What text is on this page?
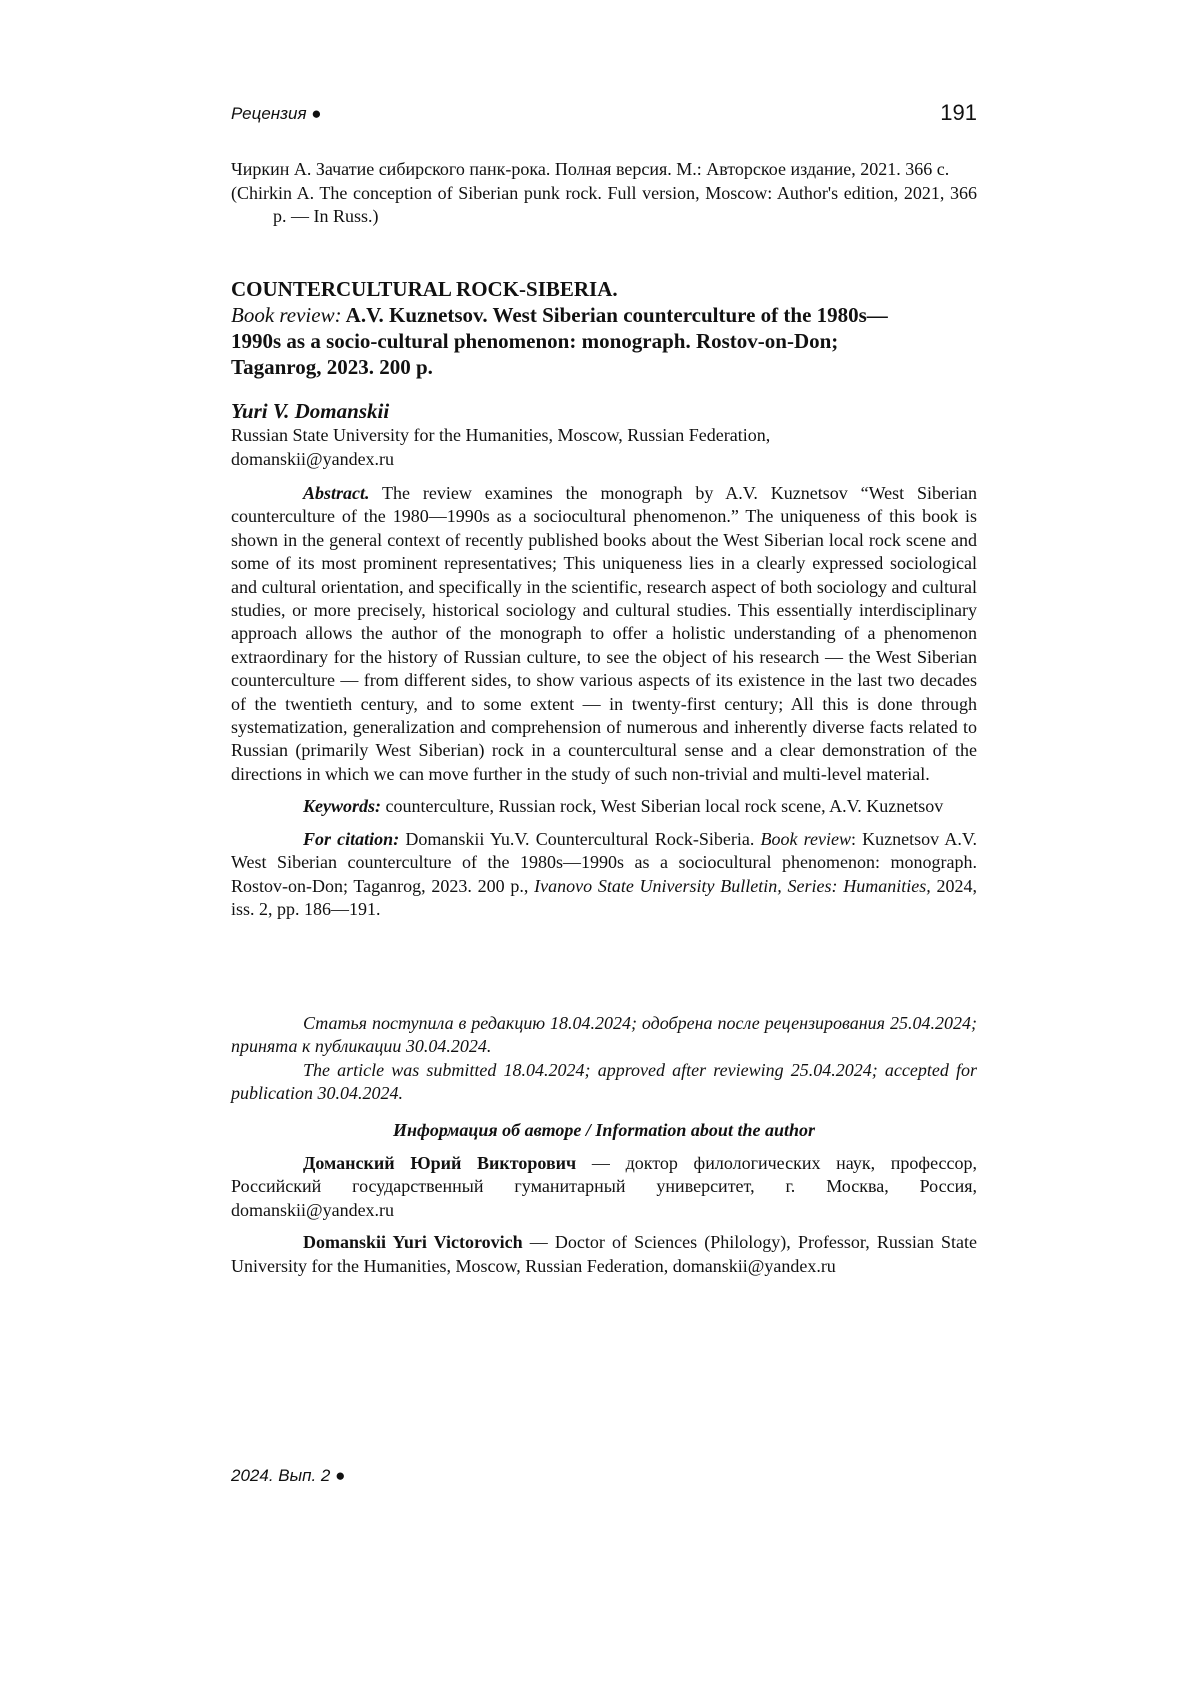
Рецензия ●	191
Чиркин А. Зачатие сибирского панк-рока. Полная версия. М.: Авторское издание, 2021. 366 с.
(Chirkin A. The conception of Siberian punk rock. Full version, Moscow: Author's edition, 2021, 366 p. — In Russ.)
COUNTERCULTURAL ROCK-SIBERIA.
Book review: A.V. Kuznetsov. West Siberian counterculture of the 1980s—1990s as a socio-cultural phenomenon: monograph. Rostov-on-Don; Taganrog, 2023. 200 p.
Yuri V. Domanskii
Russian State University for the Humanities, Moscow, Russian Federation,
domanskii@yandex.ru

Abstract. The review examines the monograph by A.V. Kuznetsov “West Siberian counterculture of the 1980—1990s as a sociocultural phenomenon.” The uniqueness of this book is shown in the general context of recently published books about the West Siberian local rock scene and some of its most prominent representatives; This uniqueness lies in a clearly expressed sociological and cultural orientation, and specifically in the scientific, research aspect of both sociology and cultural studies, or more precisely, historical sociology and cultural studies. This essentially interdisciplinary approach allows the author of the monograph to offer a holistic understanding of a phenomenon extraordinary for the history of Russian culture, to see the object of his research — the West Siberian counterculture — from different sides, to show various aspects of its existence in the last two decades of the twentieth century, and to some extent — in twenty-first century; All this is done through systematization, generalization and comprehension of numerous and inherently diverse facts related to Russian (primarily West Siberian) rock in a countercultural sense and a clear demonstration of the directions in which we can move further in the study of such non-trivial and multi-level material.

Keywords: counterculture, Russian rock, West Siberian local rock scene, A.V. Kuznetsov

For citation: Domanskii Yu.V. Countercultural Rock-Siberia. Book review: Kuznetsov A.V. West Siberian counterculture of the 1980s—1990s as a sociocultural phenomenon: monograph. Rostov-on-Don; Taganrog, 2023. 200 p., Ivanovo State University Bulletin, Series: Humanities, 2024, iss. 2, pp. 186—191.

Статья поступила в редакцию 18.04.2024; одобрена после рецензирования 25.04.2024; принята к публикации 30.04.2024.

The article was submitted 18.04.2024; approved after reviewing 25.04.2024; accepted for publication 30.04.2024.

Информация об авторе / Information about the author

Доманский Юрий Викторович — доктор филологических наук, профессор, Российский государственный гуманитарный университет, г. Москва, Россия, domanskii@yandex.ru

Domanskii Yuri Victorovich — Doctor of Sciences (Philology), Professor, Russian State University for the Humanities, Moscow, Russian Federation, domanskii@yandex.ru

2024. Вып. 2 ●
